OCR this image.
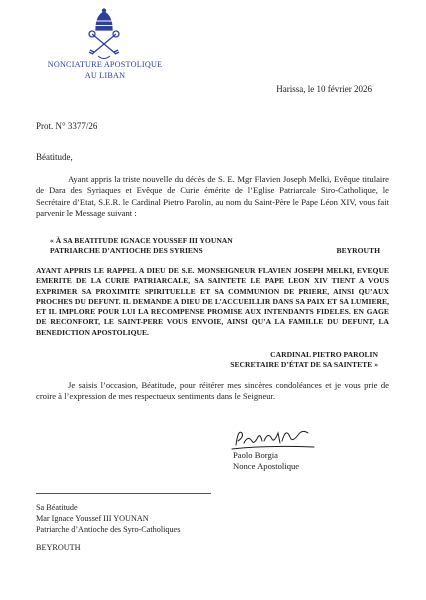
NONCIATURE APOSTOLIQUE
AU LIBAN
Harissa, le 10 février 2026
Prot. N° 3377/26
Béatitude,
Ayant appris la triste nouvelle du décès de S. E. Mgr Flavien Joseph Melki, Evêque titulaire de Dara des Syriaques et Evêque de Curie émérite de l’Eglise Patriarcale Siro-Catholique, le Secrétaire d’Etat, S.E.R. le Cardinal Pietro Parolin, au nom du Saint-Père le Pape Léon XIV, vous fait parvenir le Message suivant :
« À SA BEATITUDE IGNACE YOUSSEF III YOUNAN
PATRIARCHE D’ANTIOCHE DES SYRIENS	BEYROUTH
AYANT APPRIS LE RAPPEL A DIEU DE S.E. MONSEIGNEUR FLAVIEN JOSEPH MELKI, EVEQUE EMERITE DE LA CURIE PATRIARCALE, SA SAINTETE LE PAPE LEON XIV TIENT A VOUS EXPRIMER SA PROXIMITE SPIRITUELLE ET SA COMMUNION DE PRIERE, AINSI QU’AUX PROCHES DU DEFUNT. IL DEMANDE A DIEU DE L’ACCUEILLIR DANS SA PAIX ET SA LUMIERE, ET IL IMPLORE POUR LUI LA RECOMPENSE PROMISE AUX INTENDANTS FIDELES. EN GAGE DE RECONFORT, LE SAINT-PERE VOUS ENVOIE, AINSI QU’A LA FAMILLE DU DEFUNT, LA BENEDICTION APOSTOLIQUE.
CARDINAL PIETRO PAROLIN
SECRETAIRE D’ÉTAT DE SA SAINTETE »
Je saisis l’occasion, Béatitude, pour réitérer mes sincères condoléances et je vous prie de croire à l’expression de mes respectueux sentiments dans le Seigneur.
Paolo Borgia
Nonce Apostolique
Sa Béatitude
Mar Ignace Youssef III YOUNAN
Patriarche d’Antioche des Syro-Catholiques
BEYROUTH
